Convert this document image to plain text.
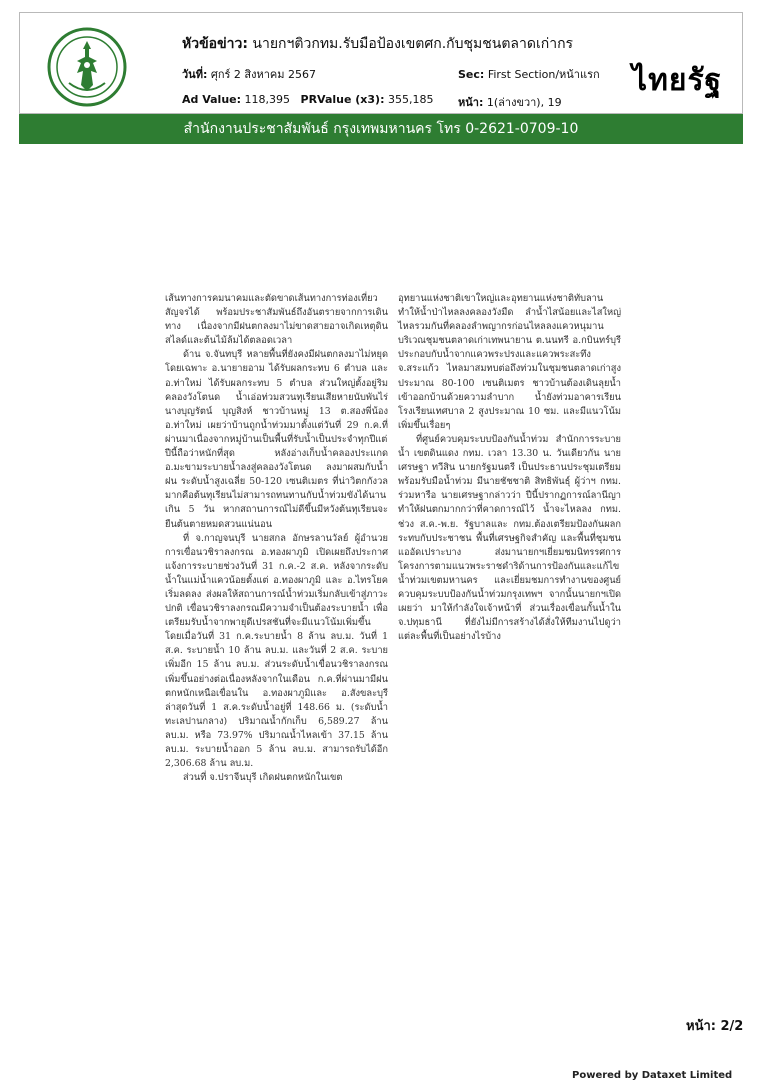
หัวข้อข่าว: นายกฯติวกทม.รับมือป้องเขตศก.กับชุมชนตลาดเก่ากร
วันที่: ศุกร์ 2 สิงหาคม 2567	Sec: First Section/หน้าแรก
Ad Value: 118,395 PRValue (x3): 355,185 หน้า: 1(ล่างขวา), 19
ไทยรัฐ
สำนักงานประชาสัมพันธ์ กรุงเทพมหานคร โทร 0-2621-0709-10

เส้นทางการคมนาคมและตัดขาดเส้นทางการท่องเที่ยว สัญจรได้ พร้อมประชาสัมพันธ์ถึงอันตรายจากการเดินทาง เนื่องจากมีฝนตกลงมาไม่ขาดสายอาจเกิดเหตุดินสไลด์และต้นไม้ล้มได้ตลอดเวลา

ด้าน จ.จันทบุรี หลายพื้นที่ยังคงมีฝนตกลงมาไม่หยุด โดยเฉพาะ อ.นายายอาม ได้รับผลกระทบ 6 ตำบล และ อ.ท่าใหม่ ได้รับผลกระทบ 5 ตำบล ส่วนใหญ่ตั้งอยู่ริมคลองวังโตนด น้ำเอ่อท่วมสวนทุเรียนเสียหายนับพันไร่ นางบุญรัตน์ บุญสิงห์ ชาวบ้านหมู่ 13 ต.สองพี่น้อง อ.ท่าใหม่ เผยว่าบ้านถูกน้ำท่วมมาตั้งแต่วันที่ 29 ก.ค.ที่ผ่านมาเนื่องจากหมู่บ้านเป็นพื้นที่รับน้ำเป็นประจำทุกปีแต่ปีนี้ถือว่าหนักที่สุด หลังอ่างเก็บน้ำคลองประแกด อ.มะขามระบายน้ำลงสู่คลองวังโตนด ลงมาผสมกับน้ำฝน ระดับน้ำสูงเฉลี่ย 50-120 เซนติเมตร ที่น่าวิตกกังวลมากคือต้นทุเรียนไม่สามารถทนทานกับน้ำท่วมขังได้นานเกิน 5 วัน หากสถานการณ์ไม่ดีขึ้นมีหวังต้นทุเรียนจะยืนต้นตายหมดสวนแน่นอน

ที่ จ.กาญจนบุรี นายสกล อักษรลานวัลย์ ผู้อำนวยการเขื่อนวชิราลงกรณ อ.ทองผาภูมิ เปิดเผยถึงประกาศแจ้งการระบายช่วงวันที่ 31 ก.ค.-2 ส.ค. หลังจากระดับน้ำในแม่น้ำแควน้อยตั้งแต่ อ.ทองผาภูมิ และ อ.ไทรโยค เริ่มลดลง ส่งผลให้สถานการณ์น้ำท่วมเริ่มกลับเข้าสู่ภาวะปกติ เขื่อนวชิราลงกรณมีความจำเป็นต้องระบายน้ำ เพื่อเตรียมรับน้ำจากพายุดีเปรสชันที่จะมีแนวโน้มเพิ่มขึ้น โดยเมื่อวันที่ 31 ก.ค.ระบายน้ำ 8 ล้าน ลบ.ม. วันที่ 1 ส.ค. ระบายน้ำ 10 ล้าน ลบ.ม. และวันที่ 2 ส.ค. ระบายเพิ่มอีก 15 ล้าน ลบ.ม. ส่วนระดับน้ำเขื่อนวชิราลงกรณเพิ่มขึ้นอย่างต่อเนื่องหลังจากในเดือน ก.ค.ที่ผ่านมามีฝนตกหนักเหนือเขื่อนใน อ.ทองผาภูมิและ อ.สังขละบุรี ล่าสุดวันที่ 1 ส.ค.ระดับน้ำอยู่ที่ 148.66 ม. (ระดับน้ำทะเลปานกลาง) ปริมาณน้ำกักเก็บ 6,589.27 ล้าน ลบ.ม. หรือ 73.97% ปริมาณน้ำไหลเข้า 37.15 ล้าน ลบ.ม. ระบายน้ำออก 5 ล้าน ลบ.ม. สามารถรับได้อีก 2,306.68 ล้าน ลบ.ม.

ส่วนที่ จ.ปราจีนบุรี เกิดฝนตกหนักในเขต

อุทยานแห่งชาติเขาใหญ่และอุทยานแห่งชาติทับลาน ทำให้น้ำป่าไหลลงคลองวังมืด ลำน้ำไสน้อยและไสใหญ่ไหลรวมกันที่คลองลำพญากรก่อนไหลลงแควหนุมานบริเวณชุมชนตลาดเก่าเทพนายาน ต.นนทรี อ.กบินทร์บุรี ประกอบกับน้ำจากแควพระปรงและแควพระสะทึง จ.สระแก้ว ไหลมาสมทบต่อถึงท่วมในชุมชนตลาดเก่าสูงประมาณ 80-100 เซนติเมตร ชาวบ้านต้องเดินลุยน้ำเข้าออกบ้านด้วยความลำบาก น้ำยังท่วมอาคารเรียนโรงเรียนเทศบาล 2 สูงประมาณ 10 ซม. และมีแนวโน้มเพิ่มขึ้นเรื่อยๆ

ที่ศูนย์ควบคุมระบบป้องกันน้ำท่วม สำนักการระบายน้ำ เขตดินแดง กทม. เวลา 13.30 น. วันเดียวกัน นายเศรษฐา ทวีสิน นายกรัฐมนตรี เป็นประธานประชุมเตรียมพร้อมรับมือน้ำท่วม มีนายชัชชาติ สิทธิพันธุ์ ผู้ว่าฯ กทม. ร่วมหารือ นายเศรษฐากล่าวว่า ปีนี้ปรากฏการณ์ลานีญาทำให้ฝนตกมากกว่าที่คาดการณ์ไว้ น้ำจะไหลลง กทม. ช่วง ส.ค.-พ.ย. รัฐบาลและ กทม.ต้องเตรียมป้องกันผลกระทบกับประชาชน พื้นที่เศรษฐกิจสำคัญ และพื้นที่ชุมชน แออัดเปราะบาง ส่งมานายกฯเยี่ยมชมนิทรรศการโครงการตามแนวพระราชดำริด้านการป้องกันและแก้ไขน้ำท่วมเขตมหานคร และเยี่ยมชมการทำงานของศูนย์ควบคุมระบบป้องกันน้ำท่วมกรุงเทพฯ จากนั้นนายกฯเปิดเผยว่า มาให้กำลังใจเจ้าหน้าที่ ส่วนเรื่องเขื่อนกั้นน้ำใน จ.ปทุมธานี ที่ยังไม่มีการสร้างได้สั่งให้ทีมงานไปดูว่าแต่ละพื้นที่เป็นอย่างไรบ้าง

หน้า: 2/2
Powered by Dataxet Limited
